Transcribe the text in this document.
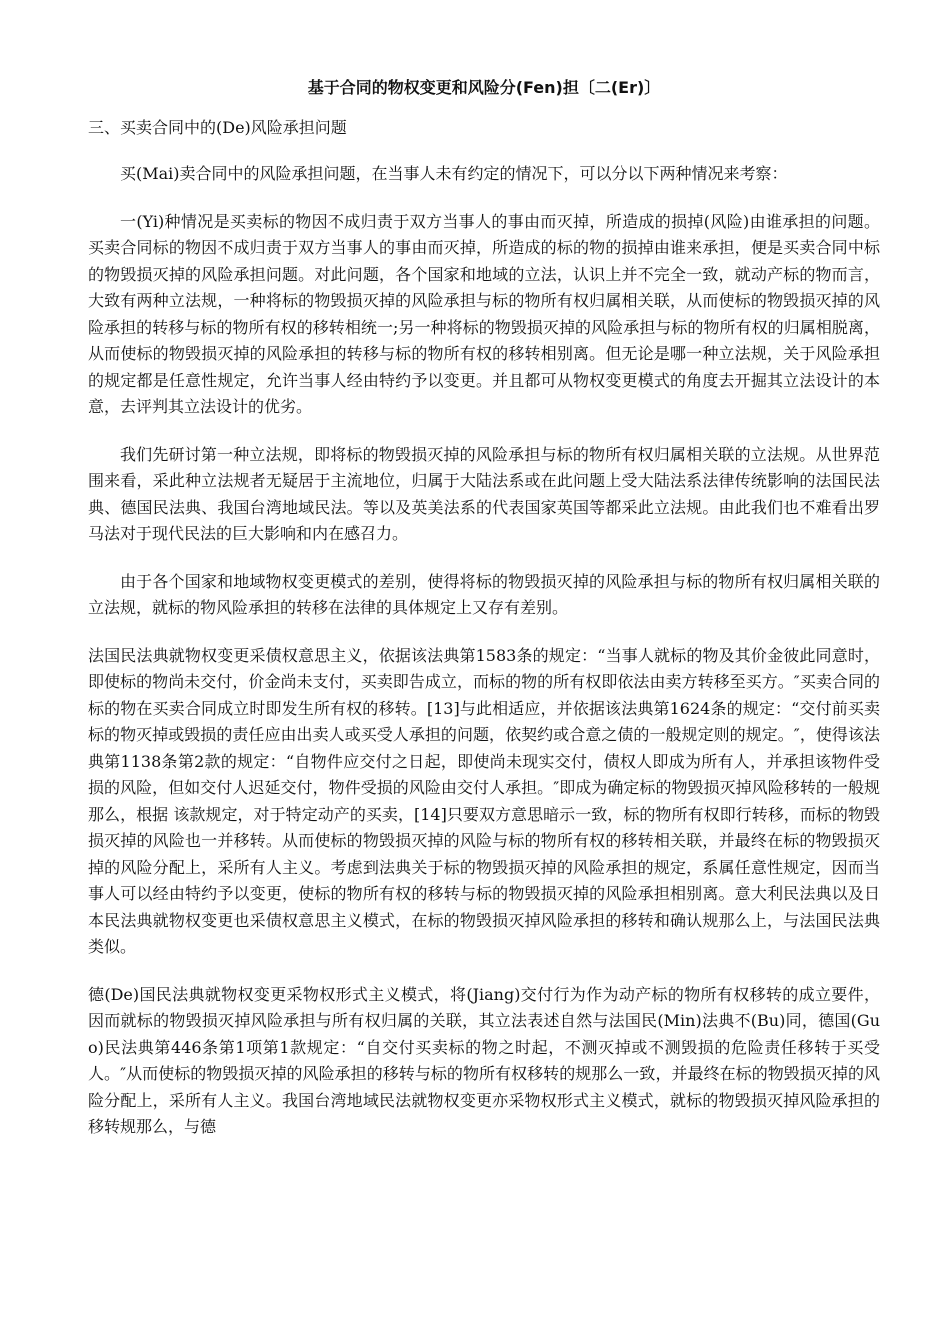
基于合同的物权变更和风险分(Fen)担〔二(Er)〕
三、买卖合同中的(De)风险承担问题
买(Mai)卖合同中的风险承担问题，在当事人未有约定的情况下，可以分以下两种情况来考察：
一(Yi)种情况是买卖标的物因不成归责于双方当事人的事由而灭掉，所造成的损掉(风险)由谁承担的问题。买卖合同标的物因不成归责于双方当事人的事由而灭掉，所造成的标的物的损掉由谁来承担，便是买卖合同中标的物毁损灭掉的风险承担问题。对此问题，各个国家和地域的立法，认识上并不完全一致，就动产标的物而言，大致有两种立法规，一种将标的物毁损灭掉的风险承担与标的物所有权归属相关联，从而使标的物毁损灭掉的风险承担的转移与标的物所有权的移转相统一;另一种将标的物毁损灭掉的风险承担与标的物所有权的归属相脱离，从而使标的物毁损灭掉的风险承担的转移与标的物所有权的移转相别离。但无论是哪一种立法规，关于风险承担的规定都是任意性规定，允许当事人经由特约予以变更。并且都可从物权变更模式的角度去开掘其立法设计的本意，去评判其立法设计的优劣。
我们先研讨第一种立法规，即将标的物毁损灭掉的风险承担与标的物所有权归属相关联的立法规。从世界范围来看，采此种立法规者无疑居于主流地位，归属于大陆法系或在此问题上受大陆法系法律传统影响的法国民法典、德国民法典、我国台湾地域民法。等以及英美法系的代表国家英国等都采此立法规。由此我们也不难看出罗马法对于现代民法的巨大影响和内在感召力。
由于各个国家和地域物权变更模式的差别，使得将标的物毁损灭掉的风险承担与标的物所有权归属相关联的立法规，就标的物风险承担的转移在法律的具体规定上又存有差别。
法国民法典就物权变更采债权意思主义，依据该法典第1583条的规定：“当事人就标的物及其价金彼此同意时，即使标的物尚未交付，价金尚未支付，买卖即告成立，而标的物的所有权即依法由卖方转移至买方。″买卖合同的标的物在买卖合同成立时即发生所有权的移转。[13]与此相适应，并依据该法典第1624条的规定：“交付前买卖标的物灭掉或毁损的责任应由出卖人或买受人承担的问题，依契约或合意之债的一般规定则的规定。″，使得该法典第1138条第2款的规定：“自物件应交付之日起，即使尚未现实交付，债权人即成为所有人，并承担该物件受损的风险，但如交付人迟延交付，物件受损的风险由交付人承担。″即成为确定标的物毁损灭掉风险移转的一般规那么，根据 该款规定，对于特定动产的买卖，[14]只要双方意思暗示一致，标的物所有权即行转移，而标的物毁损灭掉的风险也一并移转。从而使标的物毁损灭掉的风险与标的物所有权的移转相关联，并最终在标的物毁损灭掉的风险分配上，采所有人主义。考虑到法典关于标的物毁损灭掉的风险承担的规定，系属任意性规定，因而当事人可以经由特约予以变更，使标的物所有权的移转与标的物毁损灭掉的风险承担相别离。意大利民法典以及日本民法典就物权变更也采债权意思主义模式，在标的物毁损灭掉风险承担的移转和确认规那么上，与法国民法典类似。
德(De)国民法典就物权变更采物权形式主义模式，将(Jiang)交付行为作为动产标的物所有权移转的成立要件，因而就标的物毁损灭掉风险承担与所有权归属的关联，其立法表述自然与法国民(Min)法典不(Bu)同，德国(Guo)民法典第446条第1项第1款规定：“自交付买卖标的物之时起，不测灭掉或不测毁损的危险责任移转于买受人。″从而使标的物毁损灭掉的风险承担的移转与标的物所有权移转的规那么一致，并最终在标的物毁损灭掉的风险分配上，采所有人主义。我国台湾地域民法就物权变更亦采物权形式主义模式，就标的物毁损灭掉风险承担的移转规那么，与德
